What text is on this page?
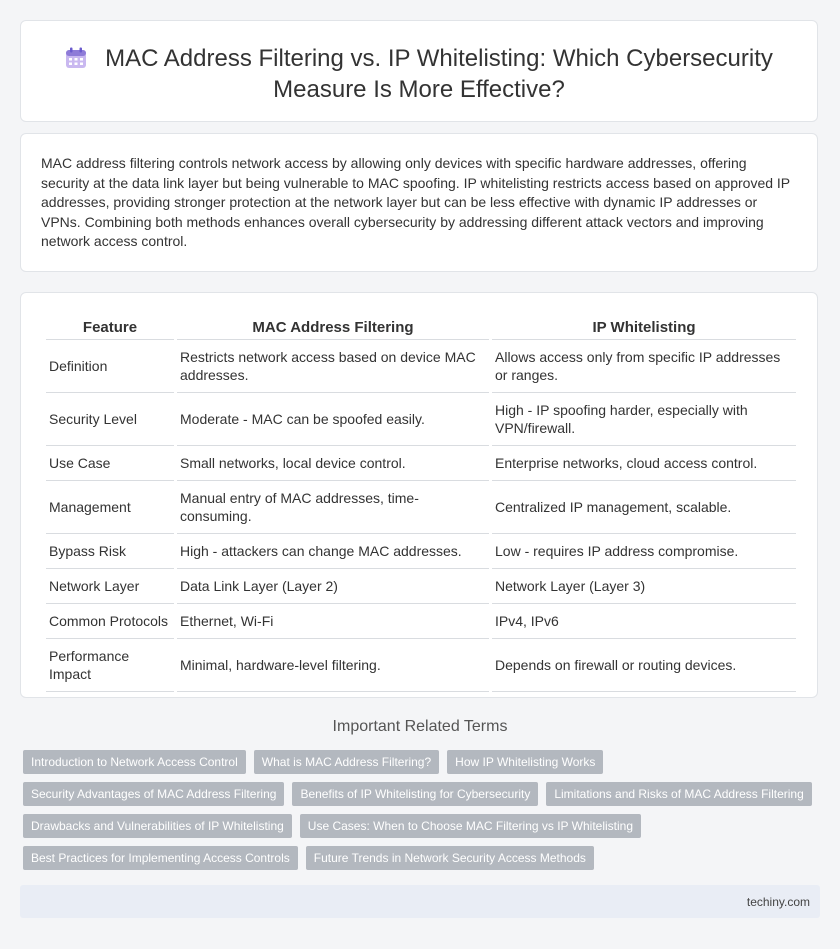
MAC Address Filtering vs. IP Whitelisting: Which Cybersecurity Measure Is More Effective?
MAC address filtering controls network access by allowing only devices with specific hardware addresses, offering security at the data link layer but being vulnerable to MAC spoofing. IP whitelisting restricts access based on approved IP addresses, providing stronger protection at the network layer but can be less effective with dynamic IP addresses or VPNs. Combining both methods enhances overall cybersecurity by addressing different attack vectors and improving network access control.
Feature	MAC Address Filtering	IP Whitelisting
Definition	Restricts network access based on device MAC addresses.	Allows access only from specific IP addresses or ranges.
Security Level	Moderate - MAC can be spoofed easily.	High - IP spoofing harder, especially with VPN/firewall.
Use Case	Small networks, local device control.	Enterprise networks, cloud access control.
Management	Manual entry of MAC addresses, time-consuming.	Centralized IP management, scalable.
Bypass Risk	High - attackers can change MAC addresses.	Low - requires IP address compromise.
Network Layer	Data Link Layer (Layer 2)	Network Layer (Layer 3)
Common Protocols	Ethernet, Wi-Fi	IPv4, IPv6
Performance Impact	Minimal, hardware-level filtering.	Depends on firewall or routing devices.
Important Related Terms
Introduction to Network Access Control	What is MAC Address Filtering?	How IP Whitelisting Works
Security Advantages of MAC Address Filtering	Benefits of IP Whitelisting for Cybersecurity	Limitations and Risks of MAC Address Filtering
Drawbacks and Vulnerabilities of IP Whitelisting	Use Cases: When to Choose MAC Filtering vs IP Whitelisting
Best Practices for Implementing Access Controls	Future Trends in Network Security Access Methods
techiny.com
